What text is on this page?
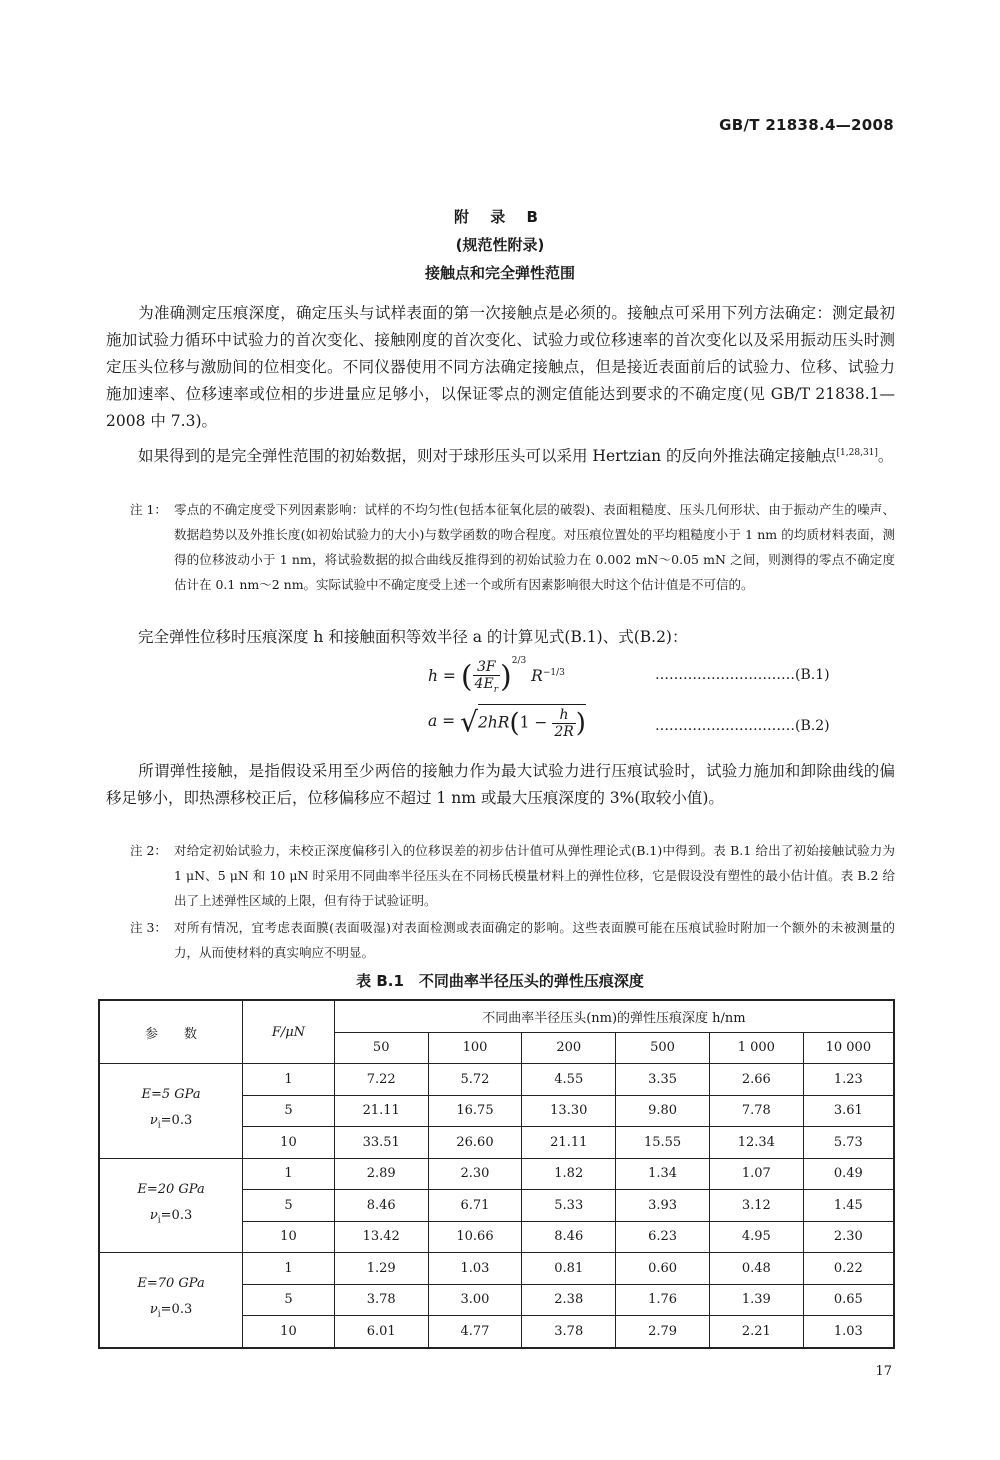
GB/T 21838.4—2008
附 录 B
(规范性附录)
接触点和完全弹性范围
为准确测定压痕深度，确定压头与试样表面的第一次接触点是必须的。接触点可采用下列方法确定：测定最初施加试验力循环中试验力的首次变化、接触刚度的首次变化、试验力或位移速率的首次变化以及采用振动压头时测定压头位移与激励间的位相变化。不同仪器使用不同方法确定接触点，但是接近表面前后的试验力、位移、试验力施加速率、位移速率或位相的步进量应足够小，以保证零点的测定值能达到要求的不确定度(见 GB/T 21838.1—2008 中 7.3)。
如果得到的是完全弹性范围的初始数据，则对于球形压头可以采用 Hertzian 的反向外推法确定接触点[1,28,31]。
注 1： 零点的不确定度受下列因素影响：试样的不均匀性(包括本征氧化层的破裂)、表面粗糙度、压头几何形状、由于振动产生的噪声、数据趋势以及外推长度(如初始试验力的大小)与数学函数的吻合程度。对压痕位置处的平均粗糙度小于 1 nm 的均质材料表面，测得的位移波动小于 1 nm，将试验数据的拟合曲线反推得到的初始试验力在 0.002 mN～0.05 mN 之间，则测得的零点不确定度估计在 0.1 nm～2 nm。实际试验中不确定度受上述一个或所有因素影响很大时这个估计值是不可信的。
完全弹性位移时压痕深度 h 和接触面积等效半径 a 的计算见式(B.1)、式(B.2)：
h = ( $\frac{3F}{4E_r} )^{2/3}$ $R^{-1/3}$	…………………………(B.1)
$a = √2hR(1 - \frac{h}{2R}$ )	…………………………(B.2)
所谓弹性接触，是指假设采用至少两倍的接触力作为最大试验力进行压痕试验时，试验力施加和卸除曲线的偏移足够小，即热漂移校正后，位移偏移应不超过 1 nm 或最大压痕深度的 3%(取较小值)。
注 2： 对给定初始试验力，未校正深度偏移引入的位移误差的初步估计值可从弹性理论式(B.1)中得到。表 B.1 给出了初始接触试验力为 1 μN、5 μN 和 10 μN 时采用不同曲率半径压头在不同杨氏模量材料上的弹性位移，它是假设没有塑性的最小估计值。表 B.2 给出了上述弹性区域的上限，但有待于试验证明。
注 3： 对所有情况，宜考虑表面膜(表面吸湿)对表面检测或表面确定的影响。这些表面膜可能在压痕试验时附加一个额外的未被测量的力，从而使材料的真实响应不明显。
表 B.1　不同曲率半径压头的弹性压痕深度
参　　数	F/μN	不同曲率半径压头(nm)的弹性压痕深度 h/nm					
		50	100	200	500	1 000	10 000

E=5 GPa
$\nu_i=0.3$	1	7.22	5.72	4.55	3.35	2.66	1.23
	5	21.11	16.75	13.30	9.80	7.78	3.61
	10	33.51	26.60	21.11	15.55	12.34	5.73

E=20 GPa
$\nu_i=0.3$	1	2.89	2.30	1.82	1.34	1.07	0.49
	5	8.46	6.71	5.33	3.93	3.12	1.45
	10	13.42	10.66	8.46	6.23	4.95	2.30

E=70 GPa
$\nu_i=0.3$	1	1.29	1.03	0.81	0.60	0.48	0.22
	5	3.78	3.00	2.38	1.76	1.39	0.65
	10	6.01	4.77	3.78	2.79	2.21	1.03
17
